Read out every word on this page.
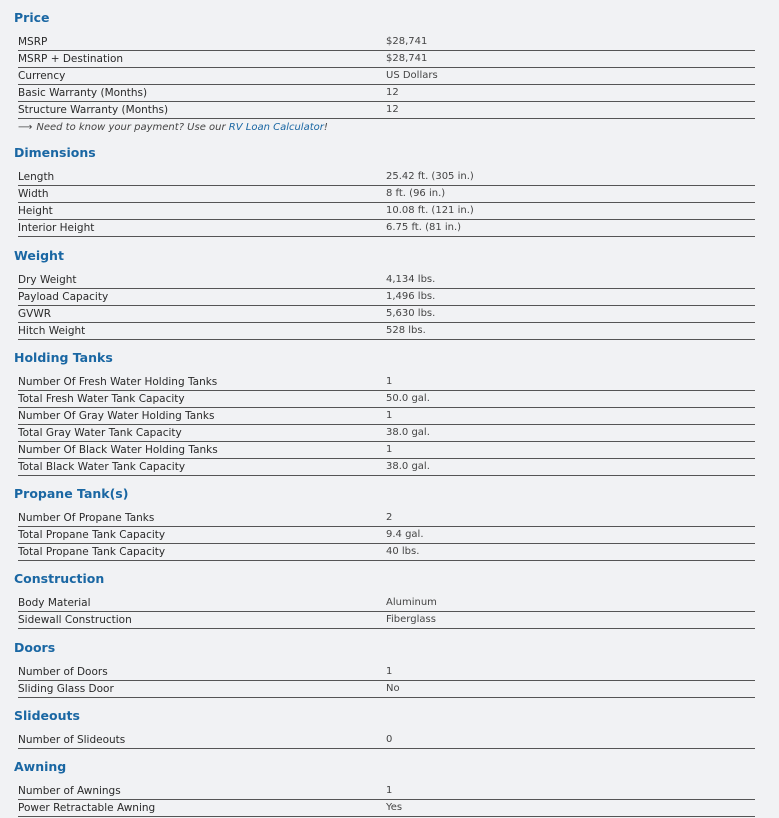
Price
MSRP	$28,741
MSRP + Destination	$28,741
Currency	US Dollars
Basic Warranty (Months)	12
Structure Warranty (Months)	12
⟶ Need to know your payment? Use our RV Loan Calculator!
Dimensions
Length	25.42 ft. (305 in.)
Width	8 ft. (96 in.)
Height	10.08 ft. (121 in.)
Interior Height	6.75 ft. (81 in.)
Weight
Dry Weight	4,134 lbs.
Payload Capacity	1,496 lbs.
GVWR	5,630 lbs.
Hitch Weight	528 lbs.
Holding Tanks
Number Of Fresh Water Holding Tanks	1
Total Fresh Water Tank Capacity	50.0 gal.
Number Of Gray Water Holding Tanks	1
Total Gray Water Tank Capacity	38.0 gal.
Number Of Black Water Holding Tanks	1
Total Black Water Tank Capacity	38.0 gal.
Propane Tank(s)
Number Of Propane Tanks	2
Total Propane Tank Capacity	9.4 gal.
Total Propane Tank Capacity	40 lbs.
Construction
Body Material	Aluminum
Sidewall Construction	Fiberglass
Doors
Number of Doors	1
Sliding Glass Door	No
Slideouts
Number of Slideouts	0
Awning
Number of Awnings	1
Power Retractable Awning	Yes
